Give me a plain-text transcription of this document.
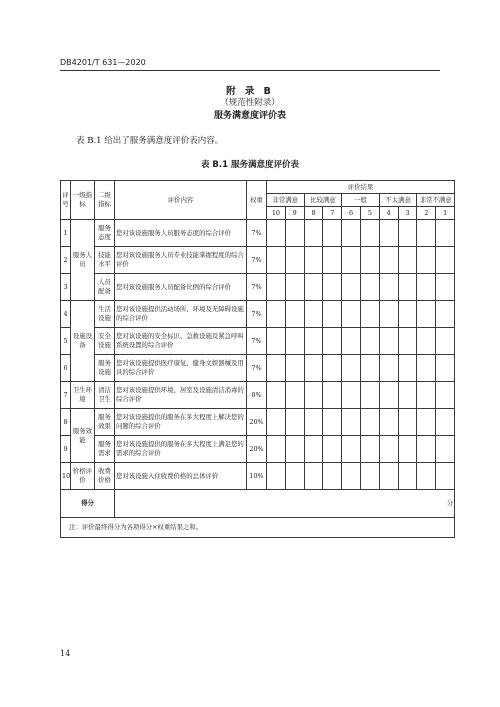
DB4201/T 631—2020
附 录 B
（规范性附录）
服务满意度评价表
表 B.1 给出了服务满意度评价表内容。
表 B.1 服务满意度评价表
评号	一级指标	二级指标	评价内容	权重	评价结果									
					非常满意		比较满意		一般		不太满意		非常不满意	
					10	9	8	7	6	5	4	3	2	1
1	服务人员	服务态度	您对该设施服务人员服务态度的综合评价	7%										
2		技能水平	您对该设施服务人员专业技能掌握程度的综合评价	7%										
3		人员配备	您对该设施服务人员配备比例的综合评价	7%										
4	设施设备	生活设施	您对该设施提供活动场所、环境及无障碍设施的综合评价	7%										
5		安全设施	您对该设施的安全标识、急救设施及紧急呼叫系统设置的综合评价	7%										
6		服务设施	您对该设施提供医疗康复、健身文娱器械及用具的综合评价	7%										
7	卫生环境	清洁卫生	您对该设施提供环境、居室及设施清洁消毒的综合评价	8%										
8	服务效能	服务效果	您对该设施提供的服务在多大程度上解决您的问题的综合评价	20%										
9		服务需求	您对该设施提供的服务在多大程度上满足您的需求的综合评价	20%										
10	价格评价	收费价格	您对该设施入住收费价格的总体评价	10%										
得分			分											
注：评价最终得分为各项得分×权重结果之和。														
14
